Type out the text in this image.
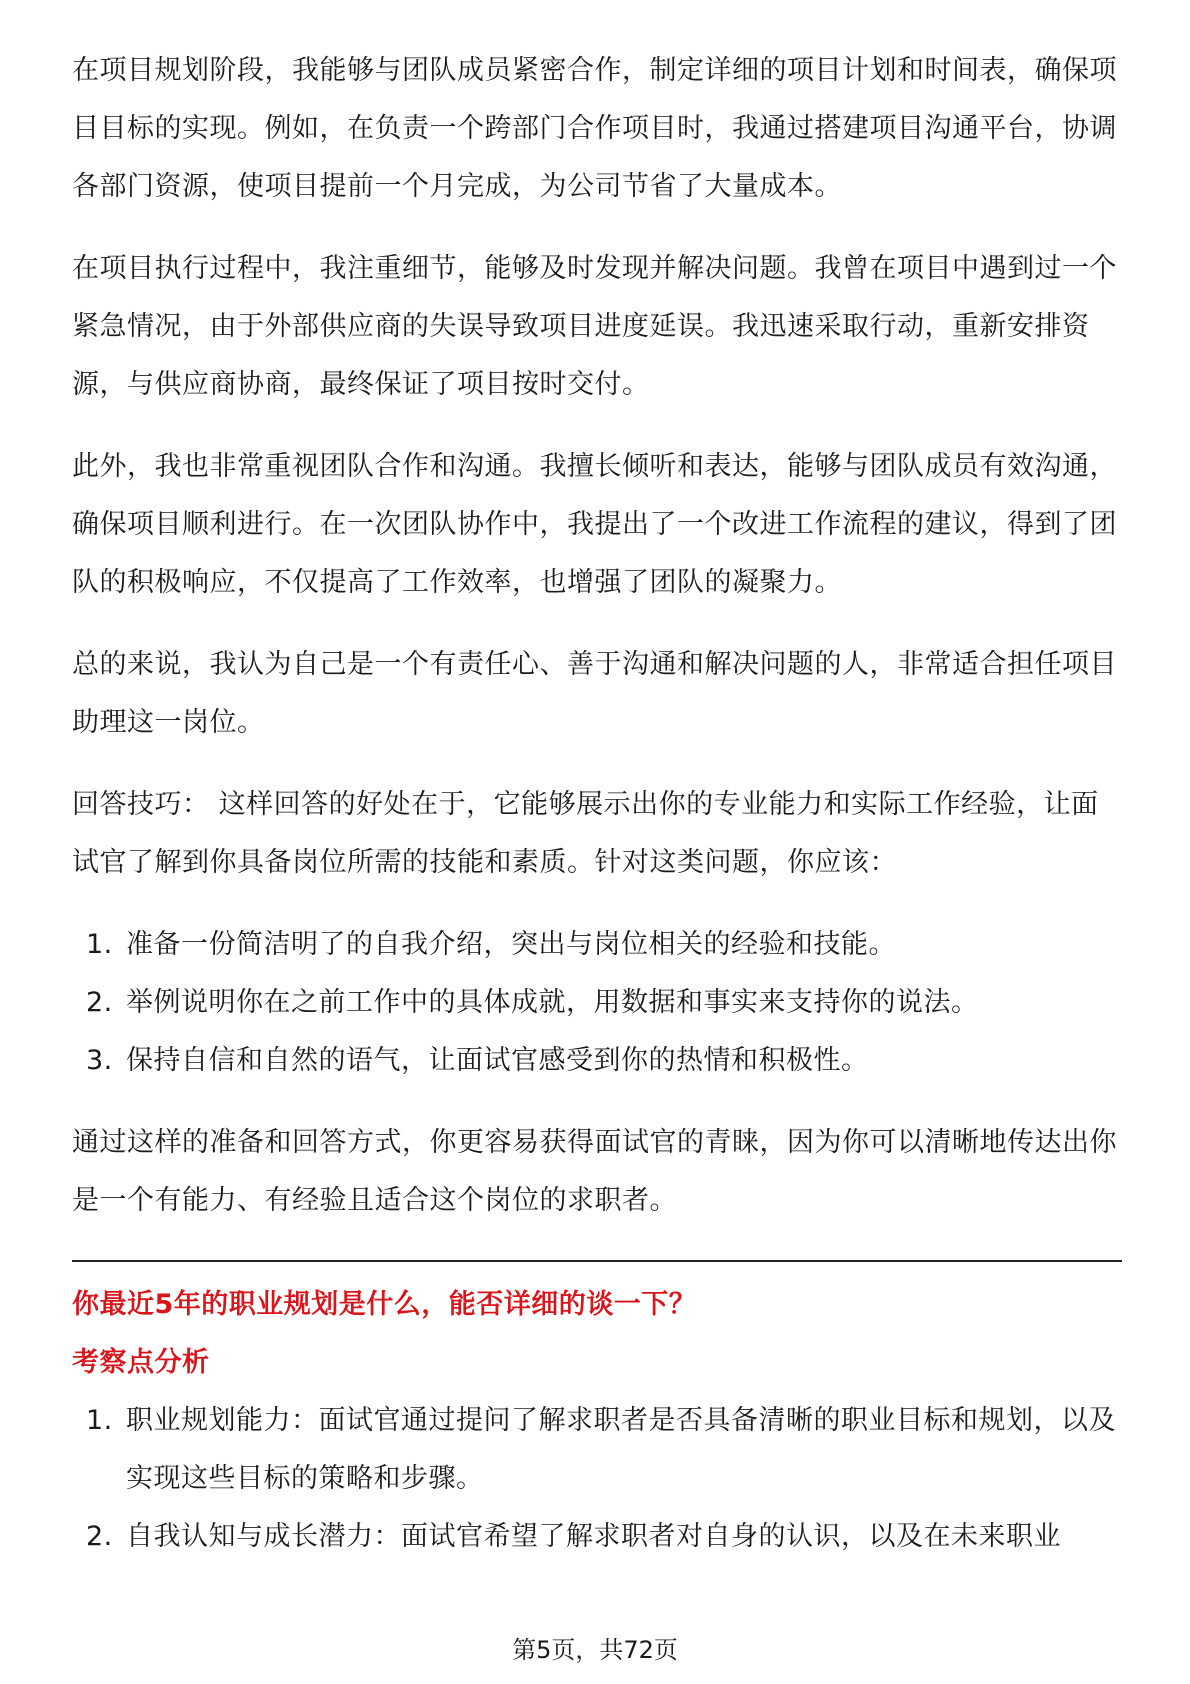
在项目规划阶段，我能够与团队成员紧密合作，制定详细的项目计划和时间表，确保项目目标的实现。例如，在负责一个跨部门合作项目时，我通过搭建项目沟通平台，协调各部门资源，使项目提前一个月完成，为公司节省了大量成本。

在项目执行过程中，我注重细节，能够及时发现并解决问题。我曾在项目中遇到过一个紧急情况，由于外部供应商的失误导致项目进度延误。我迅速采取行动，重新安排资源，与供应商协商，最终保证了项目按时交付。

此外，我也非常重视团队合作和沟通。我擅长倾听和表达，能够与团队成员有效沟通，确保项目顺利进行。在一次团队协作中，我提出了一个改进工作流程的建议，得到了团队的积极响应，不仅提高了工作效率，也增强了团队的凝聚力。

总的来说，我认为自己是一个有责任心、善于沟通和解决问题的人，非常适合担任项目助理这一岗位。

回答技巧： 这样回答的好处在于，它能够展示出你的专业能力和实际工作经验，让面试官了解到你具备岗位所需的技能和素质。针对这类问题，你应该：

1. 准备一份简洁明了的自我介绍，突出与岗位相关的经验和技能。
2. 举例说明你在之前工作中的具体成就，用数据和事实来支持你的说法。
3. 保持自信和自然的语气，让面试官感受到你的热情和积极性。

通过这样的准备和回答方式，你更容易获得面试官的青睐，因为你可以清晰地传达出你是一个有能力、有经验且适合这个岗位的求职者。

你最近5年的职业规划是什么，能否详细的谈一下？

考察点分析

1. 职业规划能力：面试官通过提问了解求职者是否具备清晰的职业目标和规划，以及实现这些目标的策略和步骤。
2. 自我认知与成长潜力：面试官希望了解求职者对自身的认识，以及在未来职业
第5页，共72页
